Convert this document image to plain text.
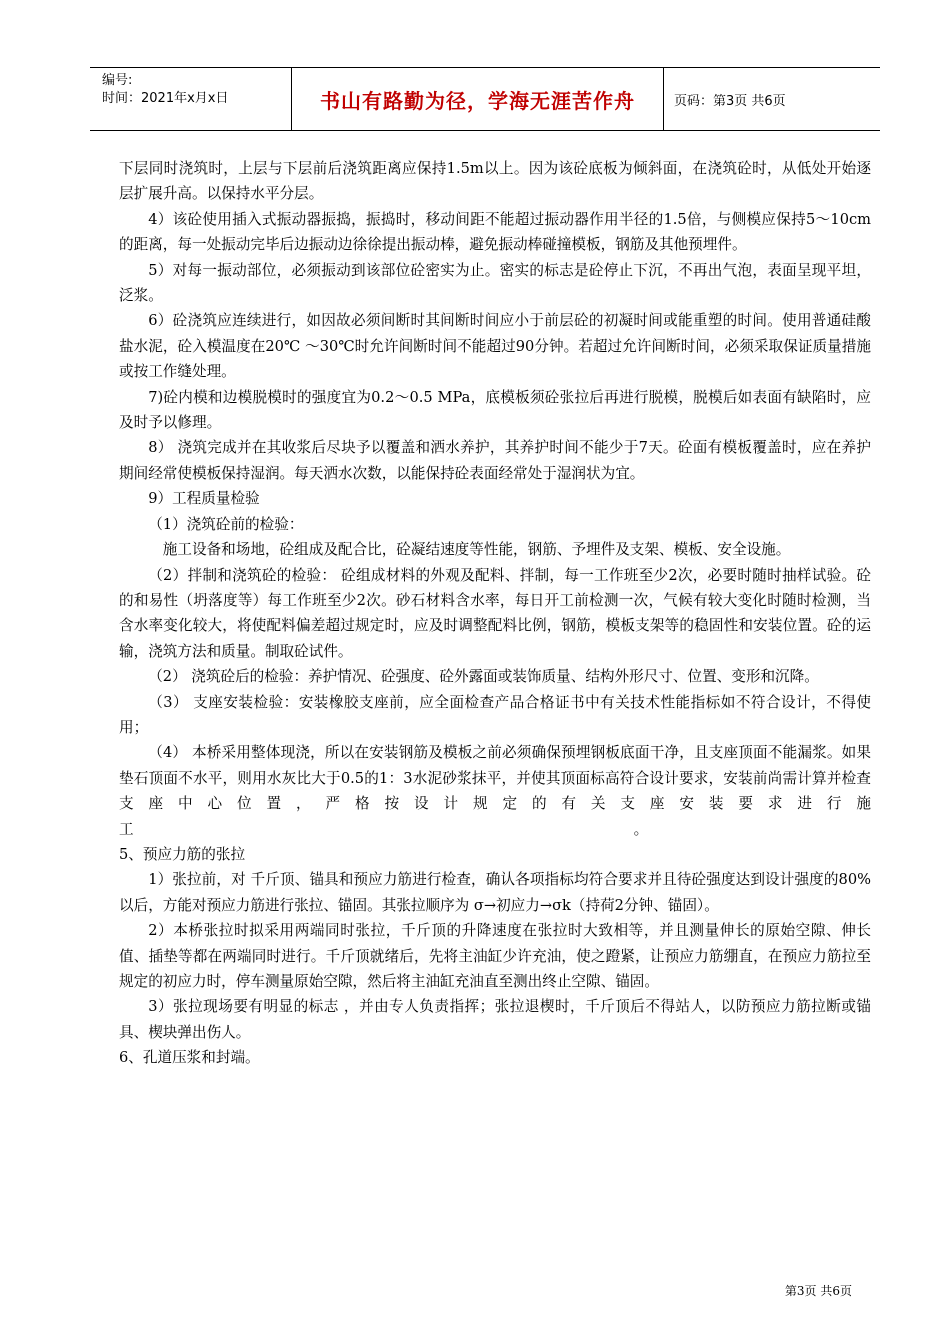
编号:
时间：2021年x月x日	书山有路勤为径，学海无涯苦作舟	页码：第3页 共6页

下层同时浇筑时，上层与下层前后浇筑距离应保持1.5m以上。因为该砼底板为倾斜面，在浇筑砼时，从低处开始逐层扩展升高。以保持水平分层。

4）该砼使用插入式振动器振捣，振捣时，移动间距不能超过振动器作用半径的1.5倍，与侧模应保持5～10cm的距离，每一处振动完毕后边振动边徐徐提出振动棒，避免振动棒碰撞模板，钢筋及其他预埋件。

5）对每一振动部位，必须振动到该部位砼密实为止。密实的标志是砼停止下沉，不再出气泡，表面呈现平坦，泛浆。

6）砼浇筑应连续进行，如因故必须间断时其间断时间应小于前层砼的初凝时间或能重塑的时间。使用普通硅酸盐水泥，砼入模温度在20℃ ～30℃时允许间断时间不能超过90分钟。若超过允许间断时间，必须采取保证质量措施或按工作缝处理。

7)砼内模和边模脱模时的强度宜为0.2～0.5 MPa，底模板须砼张拉后再进行脱模，脱模后如表面有缺陷时，应及时予以修理。

8） 浇筑完成并在其收浆后尽块予以覆盖和洒水养护，其养护时间不能少于7天。砼面有模板覆盖时，应在养护期间经常使模板保持湿润。每天洒水次数，以能保持砼表面经常处于湿润状为宜。

9）工程质量检验

（1）浇筑砼前的检验：

施工设备和场地，砼组成及配合比，砼凝结速度等性能，钢筋、予埋件及支架、模板、安全设施。

（2）拌制和浇筑砼的检验： 砼组成材料的外观及配料、拌制，每一工作班至少2次，必要时随时抽样试验。砼的和易性（坍落度等）每工作班至少2次。砂石材料含水率，每日开工前检测一次，气候有较大变化时随时检测，当含水率变化较大，将使配料偏差超过规定时，应及时调整配料比例，钢筋，模板支架等的稳固性和安装位置。砼的运输，浇筑方法和质量。制取砼试件。

（2） 浇筑砼后的检验：养护情况、砼强度、砼外露面或装饰质量、结构外形尺寸、位置、变形和沉降。

（3） 支座安装检验：安装橡胶支座前，应全面检查产品合格证书中有关技术性能指标如不符合设计，不得使用；

（4） 本桥采用整体现浇，所以在安装钢筋及模板之前必须确保预埋钢板底面干净，且支座顶面不能漏浆。如果垫石顶面不水平，则用水灰比大于0.5的1：3水泥砂浆抹平，并使其顶面标高符合设计要求，安装前尚需计算并检查支座中心位置，严格按设计规定的有关支座安装要求进行施工	。

5、预应力筋的张拉

1）张拉前，对 千斤顶、锚具和预应力筋进行检查，确认各项指标均符合要求并且待砼强度达到设计强度的80%以后，方能对预应力筋进行张拉、锚固。其张拉顺序为 σ→初应力→σk（持荷2分钟、锚固）。

2）本桥张拉时拟采用两端同时张拉，千斤顶的升降速度在张拉时大致相等，并且测量伸长的原始空隙、伸长值、插垫等都在两端同时进行。千斤顶就绪后，先将主油缸少许充油，使之蹬紧，让预应力筋绷直，在预应力筋拉至规定的初应力时，停车测量原始空隙，然后将主油缸充油直至测出终止空隙、锚固。

3）张拉现场要有明显的标志 ，并由专人负责指挥；张拉退楔时，千斤顶后不得站人，以防预应力筋拉断或锚具、楔块弹出伤人。

6、孔道压浆和封端。

第3页 共6页
